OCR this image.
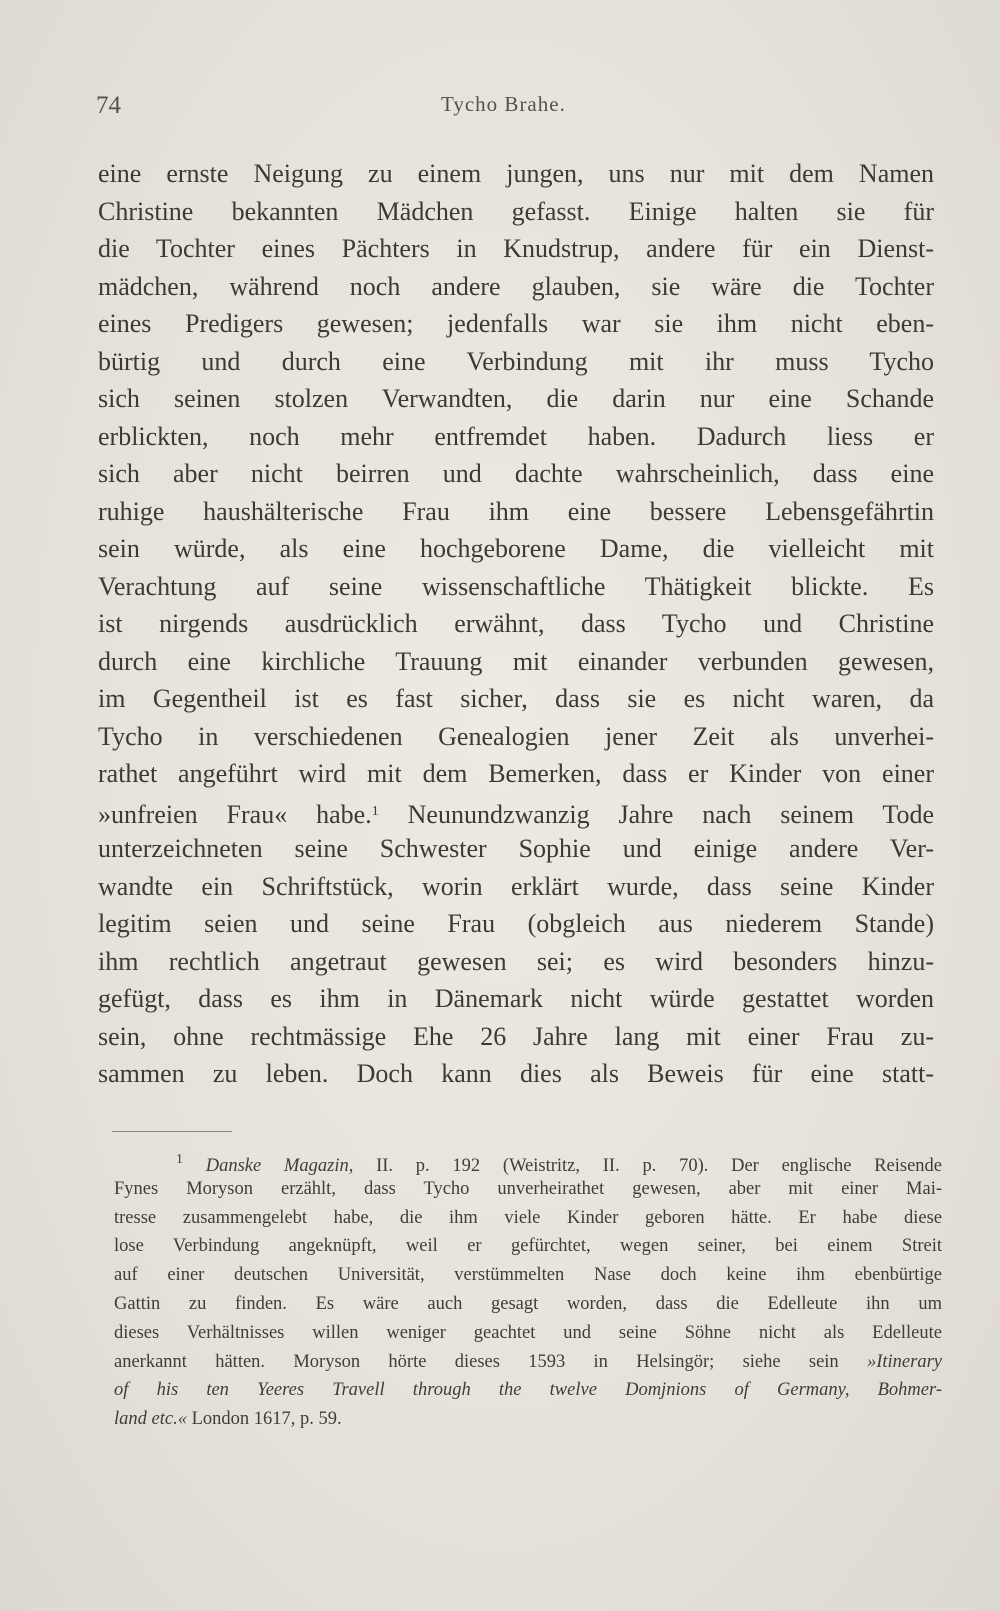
74	Tycho Brahe.
eine ernste Neigung zu einem jungen, uns nur mit dem Namen
Christine bekannten Mädchen gefasst. Einige halten sie für
die Tochter eines Pächters in Knudstrup, andere für ein Dienst-
mädchen, während noch andere glauben, sie wäre die Tochter
eines Predigers gewesen; jedenfalls war sie ihm nicht eben-
bürtig und durch eine Verbindung mit ihr muss Tycho
sich seinen stolzen Verwandten, die darin nur eine Schande
erblickten, noch mehr entfremdet haben. Dadurch liess er
sich aber nicht beirren und dachte wahrscheinlich, dass eine
ruhige haushälterische Frau ihm eine bessere Lebensgefährtin
sein würde, als eine hochgeborene Dame, die vielleicht mit
Verachtung auf seine wissenschaftliche Thätigkeit blickte. Es
ist nirgends ausdrücklich erwähnt, dass Tycho und Christine
durch eine kirchliche Trauung mit einander verbunden gewesen,
im Gegentheil ist es fast sicher, dass sie es nicht waren, da
Tycho in verschiedenen Genealogien jener Zeit als unverhei-
rathet angeführt wird mit dem Bemerken, dass er Kinder von einer
»unfreien Frau« habe.$^1$ Neunundzwanzig Jahre nach seinem Tode
unterzeichneten seine Schwester Sophie und einige andere Ver-
wandte ein Schriftstück, worin erklärt wurde, dass seine Kinder
legitim seien und seine Frau (obgleich aus niederem Stande)
ihm rechtlich angetraut gewesen sei; es wird besonders hinzu-
gefügt, dass es ihm in Dänemark nicht würde gestattet worden
sein, ohne rechtmässige Ehe 26 Jahre lang mit einer Frau zu-
sammen zu leben. Doch kann dies als Beweis für eine statt-
$^1$ Danske Magazin, II. p. 192 (Weistritz, II. p. 70). Der englische Reisende
Fynes Moryson erzählt, dass Tycho unverheirathet gewesen, aber mit einer Mai-
tresse zusammengelebt habe, die ihm viele Kinder geboren hätte. Er habe diese
lose Verbindung angeknüpft, weil er gefürchtet, wegen seiner, bei einem Streit
auf einer deutschen Universität, verstümmelten Nase doch keine ihm ebenbürtige
Gattin zu finden. Es wäre auch gesagt worden, dass die Edelleute ihn um
dieses Verhältnisses willen weniger geachtet und seine Söhne nicht als Edelleute
anerkannt hätten. Moryson hörte dieses 1593 in Helsingör; siehe sein »Itinerary
of his ten Yeeres Travell through the twelve Domjnions of Germany, Bohmer-
land etc.« London 1617, p. 59.
